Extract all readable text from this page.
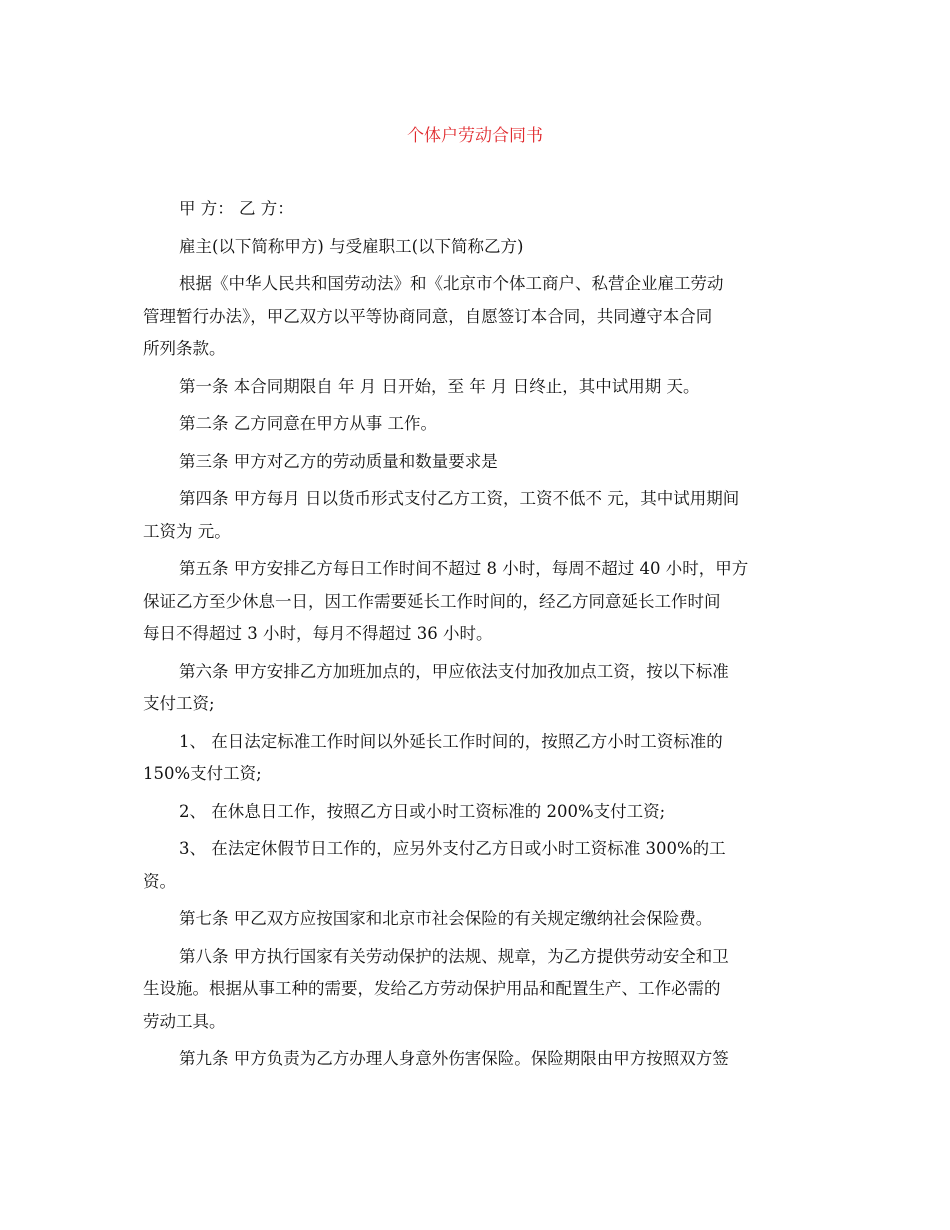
个体户劳动合同书

甲 方： 乙 方：

雇主(以下简称甲方) 与受雇职工(以下简称乙方)

根据《中华人民共和国劳动法》和《北京市个体工商户、私营企业雇工劳动
管理暂行办法》，甲乙双方以平等协商同意，自愿签订本合同，共同遵守本合同
所列条款。

第一条 本合同期限自 年 月 日开始，至 年 月 日终止，其中试用期 天。

第二条 乙方同意在甲方从事 工作。

第三条 甲方对乙方的劳动质量和数量要求是

第四条 甲方每月 日以货币形式支付乙方工资，工资不低不 元，其中试用期间
工资为 元。

第五条 甲方安排乙方每日工作时间不超过 8 小时，每周不超过 40 小时，甲方
保证乙方至少休息一日，因工作需要延长工作时间的，经乙方同意延长工作时间
每日不得超过 3 小时，每月不得超过 36 小时。

第六条 甲方安排乙方加班加点的，甲应依法支付加孜加点工资，按以下标准
支付工资;

1、 在日法定标准工作时间以外延长工作时间的，按照乙方小时工资标准的
150%支付工资;

2、 在休息日工作，按照乙方日或小时工资标准的 200%支付工资;

3、 在法定休假节日工作的，应另外支付乙方日或小时工资标准 300%的工
资。

第七条 甲乙双方应按国家和北京市社会保险的有关规定缴纳社会保险费。

第八条 甲方执行国家有关劳动保护的法规、规章，为乙方提供劳动安全和卫
生设施。根据从事工种的需要，发给乙方劳动保护用品和配置生产、工作必需的
劳动工具。

第九条 甲方负责为乙方办理人身意外伤害保险。保险期限由甲方按照双方签
